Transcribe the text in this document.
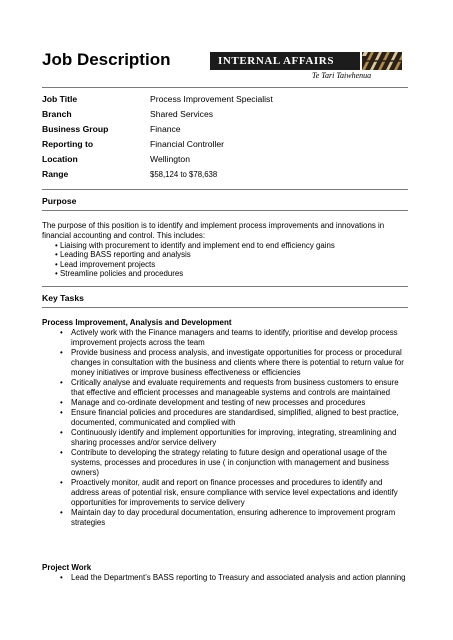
Job Description	INTERNAL AFFAIRS
Te Tari Taiwhenua
Job Title	Process Improvement Specialist
Branch	Shared Services
Business Group	Finance
Reporting to	Financial Controller
Location	Wellington
Range	$58,124 to $78,638
Purpose
The purpose of this position is to identify and implement process improvements and innovations in financial accounting and control. This includes:
• Liaising with procurement to identify and implement end to end efficiency gains
• Leading BASS reporting and analysis
• Lead improvement projects
• Streamline policies and procedures
Key Tasks
Process Improvement, Analysis and Development
• Actively work with the Finance managers and teams to identify, prioritise and develop process improvement projects across the team
• Provide business and process analysis, and investigate opportunities for process or procedural changes in consultation with the business and clients where there is potential to return value for money initiatives or improve business effectiveness or efficiencies
• Critically analyse and evaluate requirements and requests from business customers to ensure that effective and efficient processes and manageable systems and controls are maintained
• Manage and co-ordinate development and testing of new processes and procedures
• Ensure financial policies and procedures are standardised, simplified, aligned to best practice, documented, communicated and complied with
• Continuously identify and implement opportunities for improving, integrating, streamlining and sharing processes and/or service delivery
• Contribute to developing the strategy relating to future design and operational usage of the systems, processes and procedures in use ( in conjunction with management and business owners)
• Proactively monitor, audit and report on finance processes and procedures to identify and address areas of potential risk, ensure compliance with service level expectations and identify opportunities for improvements to service delivery
• Maintain day to day procedural documentation, ensuring adherence to improvement program strategies
Project Work
• Lead the Department’s BASS reporting to Treasury and associated analysis and action planning
